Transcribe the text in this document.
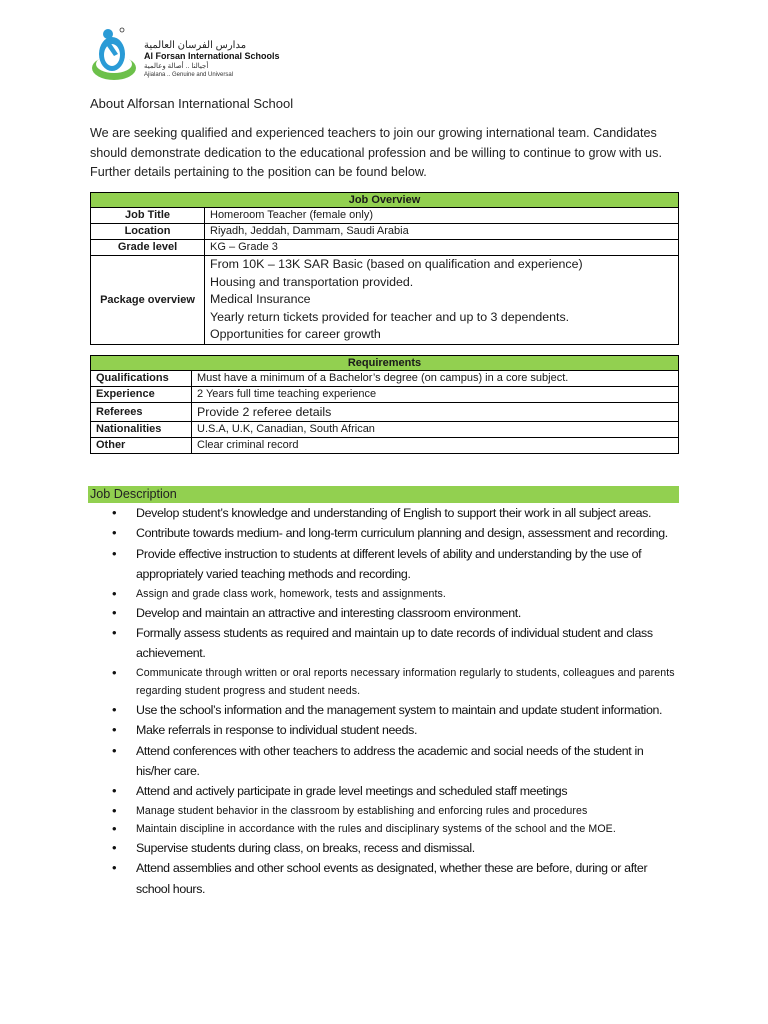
مدارس الفرسان العالمية
Al Forsan International Schools
أجيالنا .. أصالة وعالمية
Ajialana .. Genuine and Universal
About Alforsan International School
We are seeking qualified and experienced teachers to join our growing international team. Candidates should demonstrate dedication to the educational profession and be willing to continue to grow with us. Further details pertaining to the position can be found below.
Job Overview	
Job Title	Homeroom Teacher (female only)
Location	Riyadh, Jeddah, Dammam, Saudi Arabia
Grade level	KG – Grade 3
Package overview	From 10K – 13K SAR Basic (based on qualification and experience)
Housing and transportation provided.
Medical Insurance
Yearly return tickets provided for teacher and up to 3 dependents.
Opportunities for career growth
Requirements	
Qualifications	Must have a minimum of a Bachelor’s degree (on campus) in a core subject.
Experience	2 Years full time teaching experience
Referees	Provide 2 referee details
Nationalities	U.S.A, U.K, Canadian, South African
Other	Clear criminal record
Job Description
• Develop student’s knowledge and understanding of English to support their work in all subject areas.
• Contribute towards medium- and long-term curriculum planning and design, assessment and recording.
• Provide effective instruction to students at different levels of ability and understanding by the use of appropriately varied teaching methods and recording.
• Assign and grade class work, homework, tests and assignments.
• Develop and maintain an attractive and interesting classroom environment.
• Formally assess students as required and maintain up to date records of individual student and class achievement.
• Communicate through written or oral reports necessary information regularly to students, colleagues and parents regarding student progress and student needs.
• Use the school’s information and the management system to maintain and update student information.
• Make referrals in response to individual student needs.
• Attend conferences with other teachers to address the academic and social needs of the student in his/her care.
• Attend and actively participate in grade level meetings and scheduled staff meetings
• Manage student behavior in the classroom by establishing and enforcing rules and procedures
• Maintain discipline in accordance with the rules and disciplinary systems of the school and the MOE.
• Supervise students during class, on breaks, recess and dismissal.
• Attend assemblies and other school events as designated, whether these are before, during or after school hours.
